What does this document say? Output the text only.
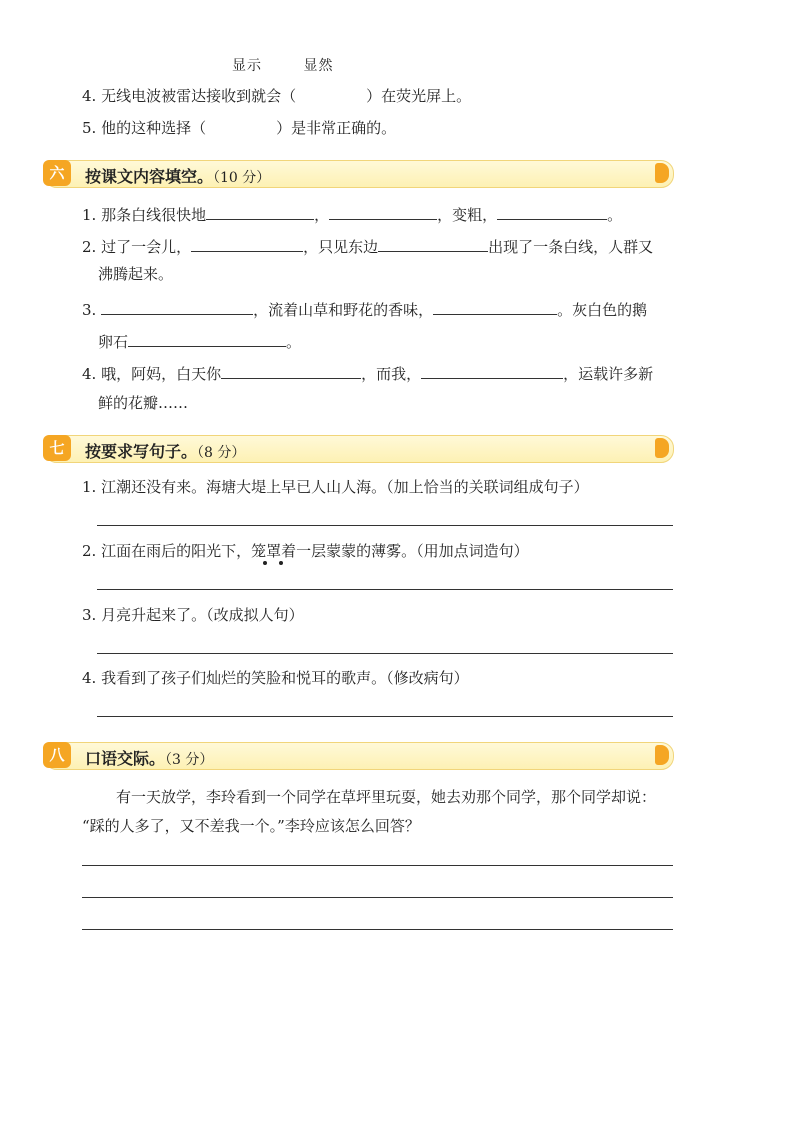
显示	显然
4. 无线电波被雷达接收到就会（	）在荧光屏上。
5. 他的这种选择（	）是非常正确的。
六	按课文内容填空。（10 分）
1. 那条白线很快地	，	，变粗，	。
2. 过了一会儿，	，只见东边	出现了一条白线，人群又
沸腾起来。
3.	，流着山草和野花的香味，	。灰白色的鹅
卵石	。
4. 哦，阿妈，白天你	，而我，	，运载许多新
鲜的花瓣……
七	按要求写句子。（8 分）
1. 江潮还没有来。海塘大堤上早已人山人海。（加上恰当的关联词组成句子）
2. 江面在雨后的阳光下，笼罩着一层蒙蒙的薄雾。（用加点词造句）
3. 月亮升起来了。（改成拟人句）
4. 我看到了孩子们灿烂的笑脸和悦耳的歌声。（修改病句）
八	口语交际。（3 分）
有一天放学，李玲看到一个同学在草坪里玩耍，她去劝那个同学，那个同学却说：
“踩的人多了，又不差我一个。”李玲应该怎么回答？
